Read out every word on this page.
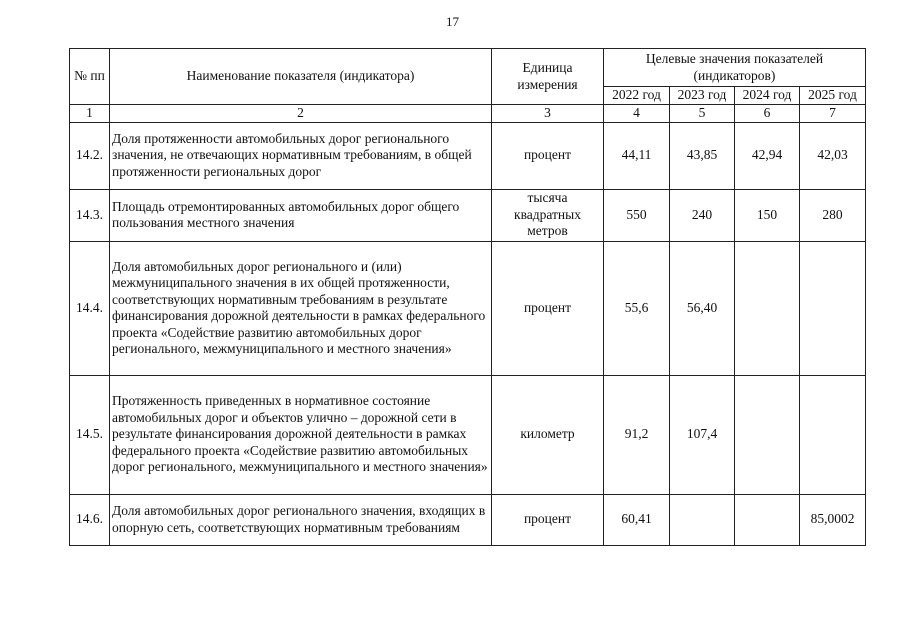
17
№ пп	Наименование показателя (индикатора)	Единица измерения	Целевые значения показателей (индикаторов)			
			2022 год	2023 год	2024 год	2025 год
1	2	3	4	5	6	7
14.2.	Доля протяженности автомобильных дорог регионального значения, не отвечающих нормативным требованиям, в общей протяженности региональных дорог	процент	44,11	43,85	42,94	42,03
14.3.	Площадь отремонтированных автомобильных дорог общего пользования местного значения	тысяча квадратных метров	550	240	150	280
14.4.	Доля автомобильных дорог регионального и (или) межмуниципального значения в их общей протяженности, соответствующих нормативным требованиям в результате финансирования дорожной деятельности в рамках федерального проекта «Содействие развитию автомобильных дорог регионального, межмуниципального и местного значения»	процент	55,6	56,40		
14.5.	Протяженность приведенных в нормативное состояние автомобильных дорог и объектов улично – дорожной сети в результате финансирования дорожной деятельности в рамках федерального проекта «Содействие развитию автомобильных дорог регионального, межмуниципального и местного значения»	километр	91,2	107,4		
14.6.	Доля автомобильных дорог регионального значения, входящих в опорную сеть, соответствующих нормативным требованиям	процент	60,41			85,0002
